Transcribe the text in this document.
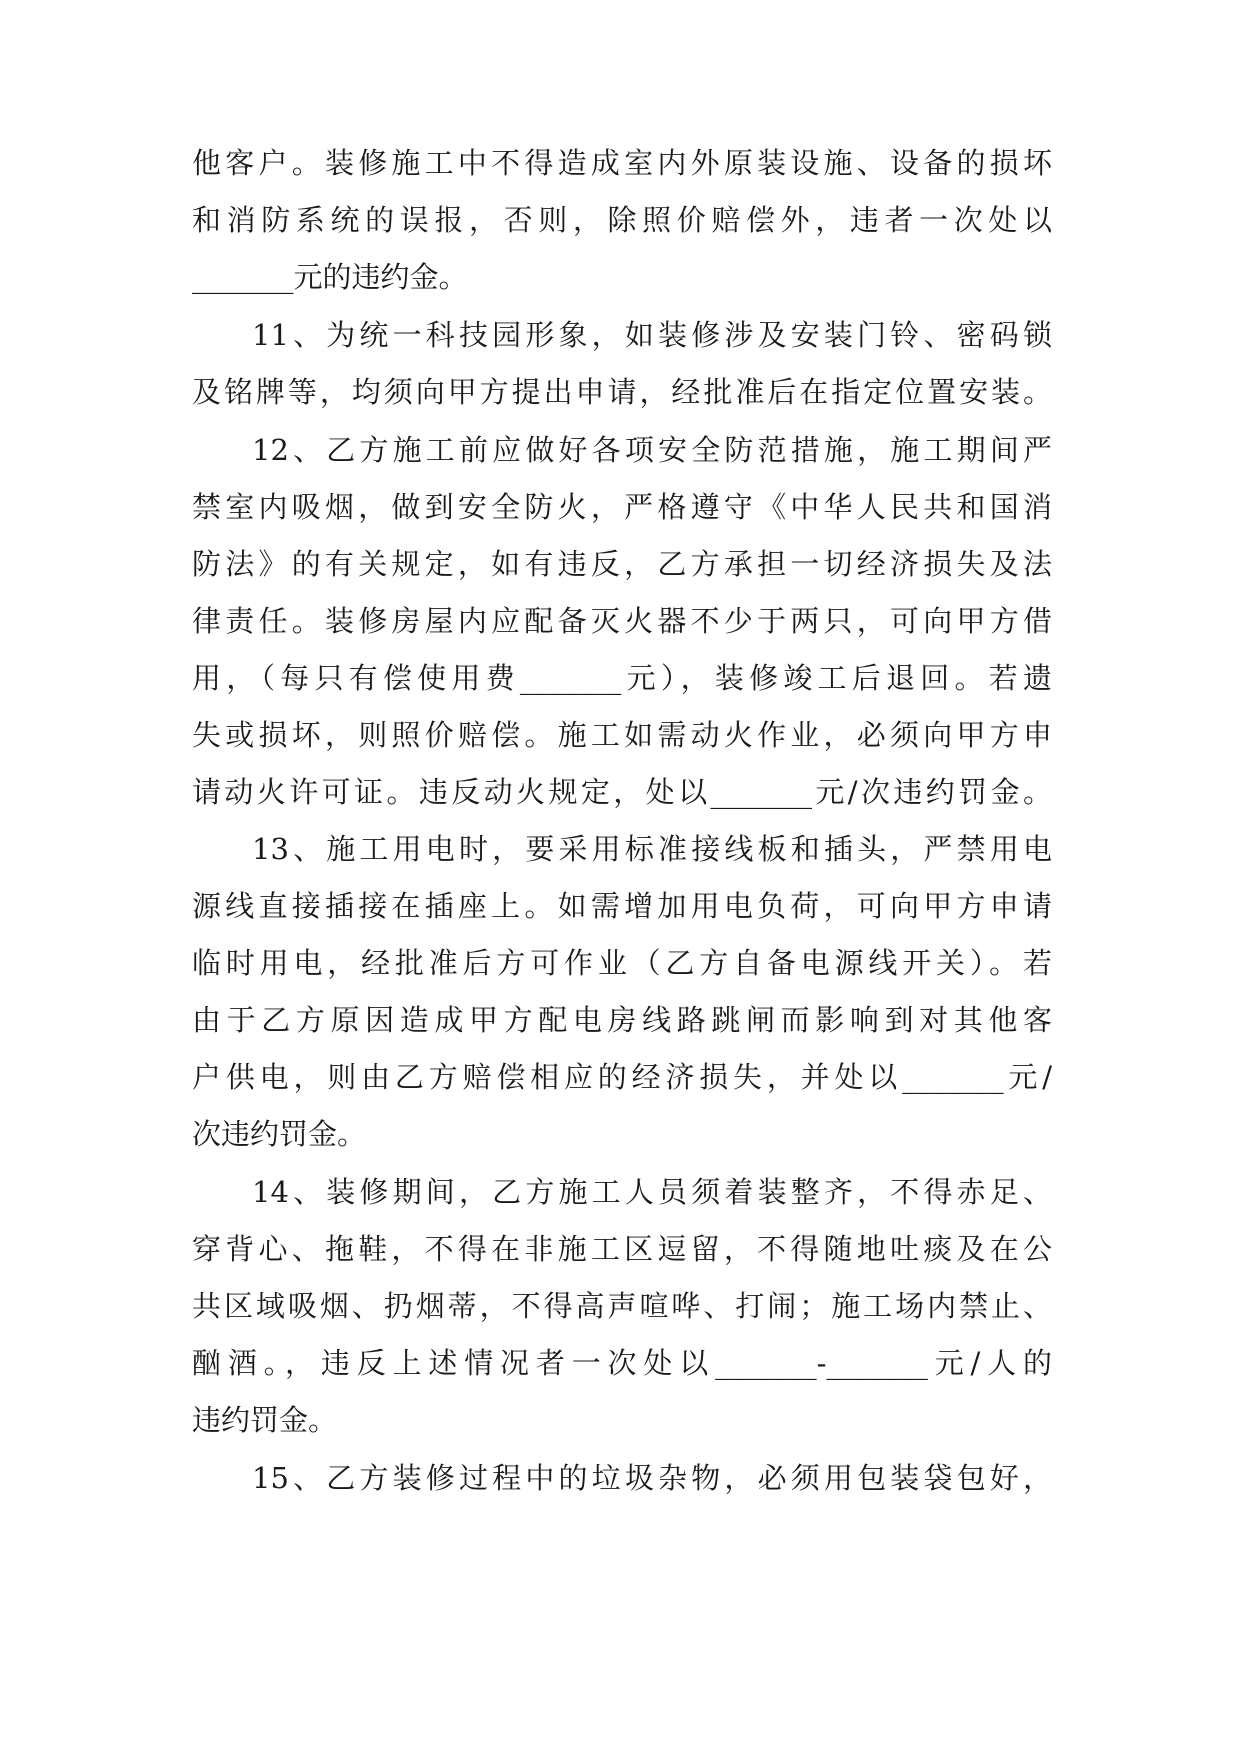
他客户。装修施工中不得造成室内外原装设施、设备的损坏
和消防系统的误报，否则，除照价赔偿外，违者一次处以
_______元的违约金。
11、为统一科技园形象，如装修涉及安装门铃、密码锁
及铭牌等，均须向甲方提出申请，经批准后在指定位置安装。
12、乙方施工前应做好各项安全防范措施，施工期间严
禁室内吸烟，做到安全防火，严格遵守《中华人民共和国消
防法》的有关规定，如有违反，乙方承担一切经济损失及法
律责任。装修房屋内应配备灭火器不少于两只，可向甲方借
用，（每只有偿使用费_______元），装修竣工后退回。若遗
失或损坏，则照价赔偿。施工如需动火作业，必须向甲方申
请动火许可证。违反动火规定，处以_______元/次违约罚金。
13、施工用电时，要采用标准接线板和插头，严禁用电
源线直接插接在插座上。如需增加用电负荷，可向甲方申请
临时用电，经批准后方可作业（乙方自备电源线开关）。若
由于乙方原因造成甲方配电房线路跳闸而影响到对其他客
户供电，则由乙方赔偿相应的经济损失，并处以_______元/
次违约罚金。
14、装修期间，乙方施工人员须着装整齐，不得赤足、
穿背心、拖鞋，不得在非施工区逗留，不得随地吐痰及在公
共区域吸烟、扔烟蒂，不得高声喧哗、打闹；施工场内禁止、
酗酒。，违反上述情况者一次处以_______-_______元/人的
违约罚金。
15、乙方装修过程中的垃圾杂物，必须用包装袋包好，
